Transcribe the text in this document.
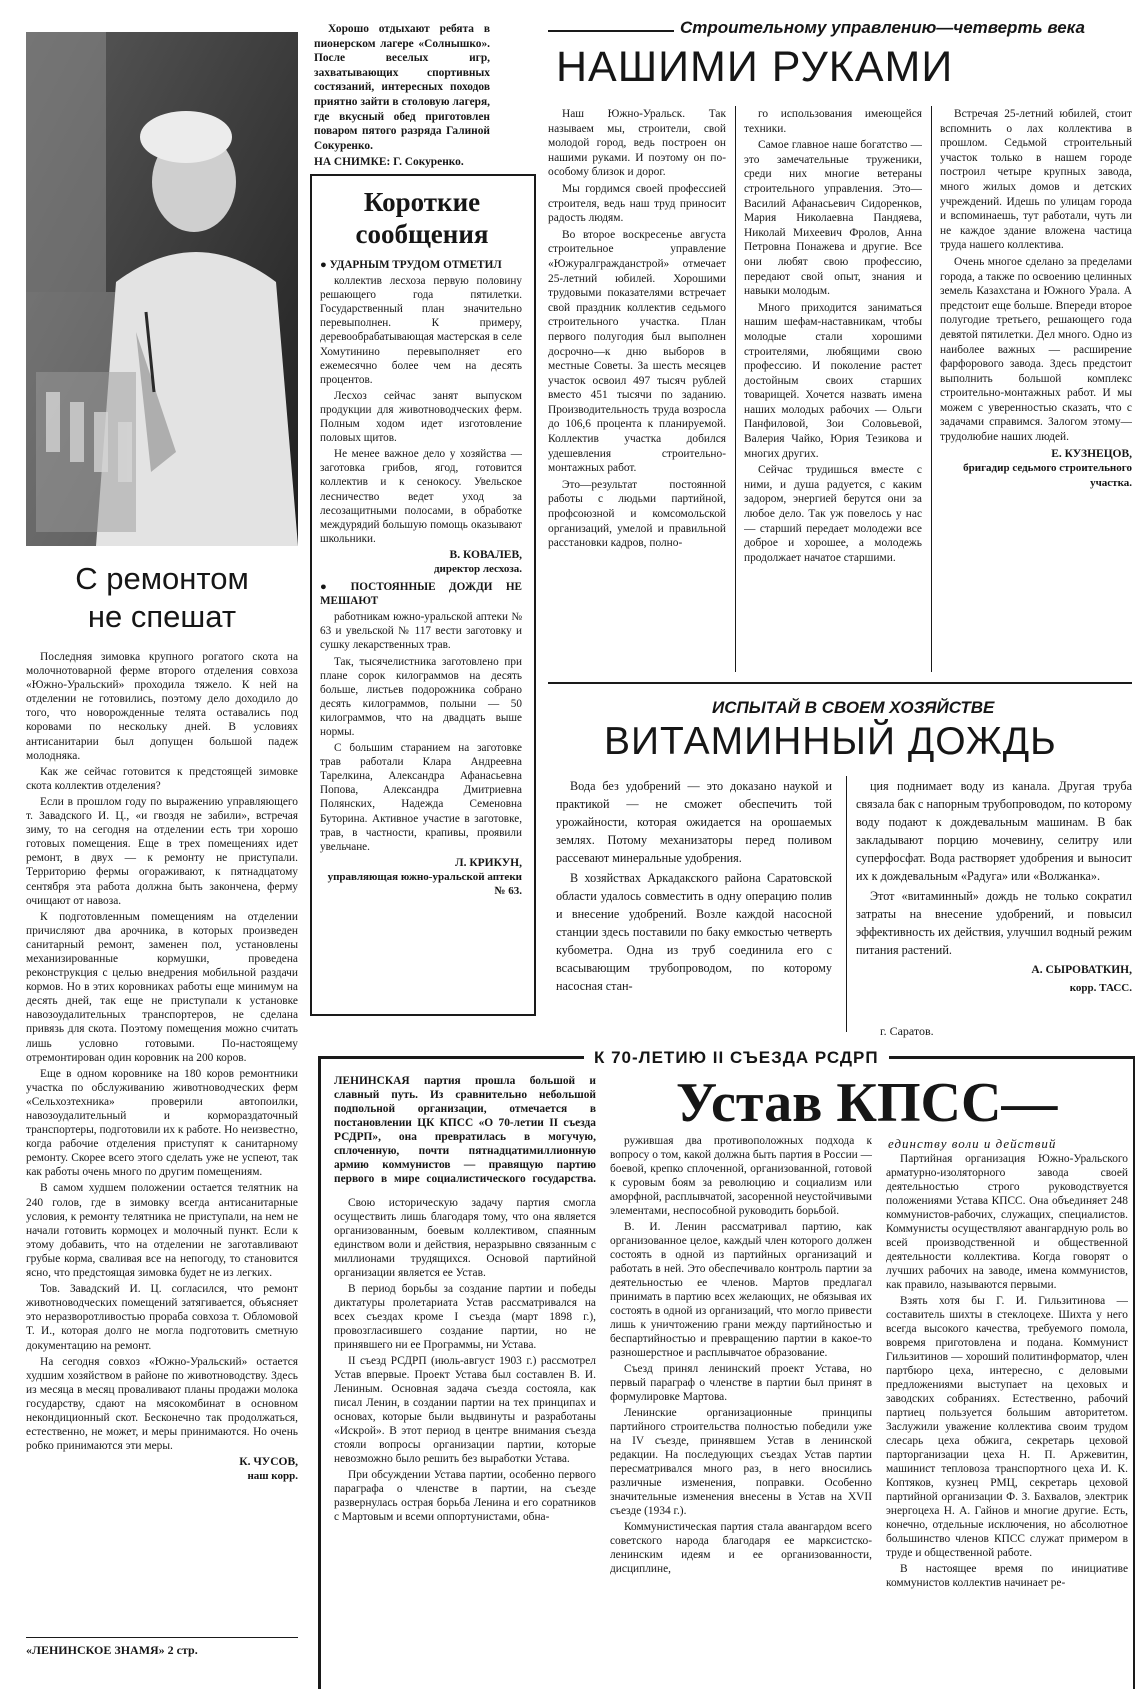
Хорошо отдыхают ребята в пионерском лагере «Солнышко». После веселых игр, захватывающих спортивных состязаний, интересных походов приятно зайти в столовую лагеря, где вкусный обед приготовлен поваром пятого разряда Галиной Сокуренко.

НА СНИМКЕ: Г. Сокуренко.

С ремонтом не спешат

Последняя зимовка крупного рогатого скота на молочнотоварной ферме второго отделения совхоза «Южно-Уральский» проходила тяжело. К ней на отделении не готовились, поэтому дело доходило до того, что новорожденные телята оставались под коровами по нескольку дней. В условиях антисанитарии был допущен большой падеж молодняка.

Как же сейчас готовится к предстоящей зимовке скота коллектив отделения?

Если в прошлом году по выражению управляющего т. Завадского И. Ц., «и гвоздя не забили», встречая зиму, то на сегодня на отделении есть три хорошо готовых помещения. Еще в трех помещениях идет ремонт, в двух — к ремонту не приступали. Территорию фермы огораживают, к пятнадцатому сентября эта работа должна быть закончена, ферму очищают от навоза.

К подготовленным помещениям на отделении причисляют два арочника, в которых произведен санитарный ремонт, заменен пол, установлены механизированные кормушки, проведена реконструкция с целью внедрения мобильной раздачи кормов. Но в этих коровниках работы еще минимум на десять дней, так еще не приступали к установке навозоудалительных транспортеров, не сделана привязь для скота. Поэтому помещения можно считать лишь условно готовыми. По-настоящему отремонтирован один коровник на 200 коров.

Еще в одном коровнике на 180 коров ремонтники участка по обслуживанию животноводческих ферм «Сельхозтехника» проверили автопоилки, навозоудалительный и кормораздаточный транспортеры, подготовили их к работе. Но неизвестно, когда рабочие отделения приступят к санитарному ремонту. Скорее всего этого сделать уже не успеют, так как работы очень много по другим помещениям.

В самом худшем положении остается телятник на 240 голов, где в зимовку всегда антисанитарные условия, к ремонту телятника не приступали, на нем не начали готовить кормоцех и молочный пункт. Если к этому добавить, что на отделении не заготавливают грубые корма, сваливая все на непогоду, то становится ясно, что предстоящая зимовка будет не из легких.

Тов. Завадский И. Ц. согласился, что ремонт животноводческих помещений затягивается, объясняет это неразворотливостью прораба совхоза т. Обломовой Т. И., которая долго не могла подготовить сметную документацию на ремонт.

На сегодня совхоз «Южно-Уральский» остается худшим хозяйством в районе по животноводству. Здесь из месяца в месяц проваливают планы продажи молока государству, сдают на мясокомбинат в основном некондиционный скот. Бесконечно так продолжаться, естественно, не может, и меры принимаются. Но очень робко принимаются эти меры.

К. ЧУСОВ,
наш корр.
«ЛЕНИНСКОЕ ЗНАМЯ» 2 стр.
Короткие
сообщения

● УДАРНЫМ ТРУДОМ ОТМЕТИЛ

коллектив лесхоза первую половину решающего года пятилетки. Государственный план значительно перевыполнен. К примеру, деревообрабатывающая мастерская в селе Хомутинино перевыполняет его ежемесячно более чем на десять процентов.

Лесхоз сейчас занят выпуском продукции для животноводческих ферм. Полным ходом идет изготовление половых щитов.

Не менее важное дело у хозяйства —заготовка грибов, ягод, готовится коллектив и к сенокосу. Увельское лесничество ведет уход за лесозащитными полосами, в обработке междурядий большую помощь оказывают школьники.

В. КОВАЛЕВ,
директор лесхоза.

● ПОСТОЯННЫЕ ДОЖДИ НЕ МЕШАЮТ

работникам южно-уральской аптеки № 63 и увельской № 117 вести заготовку и сушку лекарственных трав.

Так, тысячелистника заготовлено при плане сорок килограммов на десять больше, листьев подорожника собрано десять килограммов, полыни — 50 килограммов, что на двадцать выше нормы.

С большим старанием на заготовке трав работали Клара Андреевна Тарелкина, Александра Афанасьевна Попова, Александра Дмитриевна Полянских, Надежда Семеновна Буторина. Активное участие в заготовке, трав, в частности, крапивы, проявили увельчане.

Л. КРИКУН,
управляющая южно-уральской аптеки № 63.
Строительному управлению—четверть века
НАШИМИ РУКАМИ

Наш Южно-Уральск. Так называем мы, строители, свой молодой город, ведь построен он нашими руками. И поэтому он по-особому близок и дорог.

Мы гордимся своей профессией строителя, ведь наш труд приносит радость людям.

Во второе воскресенье августа строительное управление «Южуралгражданстрой» отмечает 25-летний юбилей. Хорошими трудовыми показателями встречает свой праздник коллектив седьмого строительного участка. План первого полугодия был выполнен досрочно—к дню выборов в местные Советы. За шесть месяцев участок освоил 497 тысяч рублей вместо 451 тысячи по заданию. Производительность труда возросла до 106,6 процента к планируемой. Коллектив участка добился удешевления строительно-монтажных работ.

Это—результат постоянной работы с людьми партийной, профсоюзной и комсомольской организаций, умелой и правильной расстановки кадров, полно-

го использования имеющейся техники.

Самое главное наше богатство — это замечательные труженики, среди них многие ветераны строительного управления. Это—Василий Афанасьевич Сидоренков, Мария Николаевна Пандяева, Николай Михеевич Фролов, Анна Петровна Понажева и другие. Все они любят свою профессию, передают свой опыт, знания и навыки молодым.

Много приходится заниматься нашим шефам-наставникам, чтобы молодые стали хорошими строителями, любящими свою профессию. И поколение растет достойным своих старших товарищей. Хочется назвать имена наших молодых рабочих — Ольги Панфиловой, Зои Соловьевой, Валерия Чайко, Юрия Тезикова и многих других.

Сейчас трудишься вместе с ними, и душа радуется, с каким задором, энергией берутся они за любое дело. Так уж повелось у нас — старший передает молодежи все доброе и хорошее, а молодежь продолжает начатое старшими.

Встречая 25-летний юбилей, стоит вспомнить о лах коллектива в прошлом. Седьмой строительный участок только в нашем городе построил четыре крупных завода, много жилых домов и детских учреждений. Идешь по улицам города и вспоминаешь, тут работали, чуть ли не каждое здание вложена частица труда нашего коллектива.

Очень многое сделано за пределами города, а также по освоению целинных земель Казахстана и Южного Урала. А предстоит еще больше. Впереди второе полугодие третьего, решающего года девятой пятилетки. Дел много. Одно из наиболее важных — расширение фарфорового завода. Здесь предстоит выполнить большой комплекс строительно-монтажных работ. И мы можем с уверенностью сказать, что с задачами справимся. Залогом этому—трудолюбие наших людей.

Е. КУЗНЕЦОВ,
бригадир седьмого строительного участка.
ИСПЫТАЙ В СВОЕМ ХОЗЯЙСТВЕ
ВИТАМИННЫЙ ДОЖДЬ

Вода без удобрений — это доказано наукой и практикой — не сможет обеспечить той урожайности, которая ожидается на орошаемых землях. Потому механизаторы перед поливом рассевают минеральные удобрения.

В хозяйствах Аркадакского района Саратовской области удалось совместить в одну операцию полив и внесение удобрений. Возле каждой насосной станции здесь поставили по баку емкостью четверть кубометра. Одна из труб соединила его с всасывающим трубопроводом, по которому насосная стан-

ция поднимает воду из канала. Другая труба связала бак с напорным трубопроводом, по которому воду подают к дождевальным машинам. В бак закладывают порцию мочевину, селитру или суперфосфат. Вода растворяет удобрения и выносит их к дождевальным «Радуга» или «Волжанка».

Этот «витаминный» дождь не только сократил затраты на внесение удобрений, и повысил эффективность их действия, улучшил водный режим питания растений.

А. СЫРОВАТКИН,
корр. ТАСС.
г. Саратов.
К 70-ЛЕТИЮ II СЪЕЗДА РСДРП
Устав КПСС—
единству воли и действий

ЛЕНИНСКАЯ партия прошла большой и славный путь. Из сравнительно небольшой подпольной организации, отмечается в постановлении ЦК КПСС «О 70-летии II съезда РСДРП», она превратилась в могучую, сплоченную, почти пятнадцатимиллионную армию коммунистов — правящую партию первого в мире социалистического государства.

Свою историческую задачу партия смогла осуществить лишь благодаря тому, что она является организованным, боевым коллективом, спаянным единством воли и действия, неразрывно связанным с миллионами трудящихся. Основой партийной организации является ее Устав.

В период борьбы за создание партии и победы диктатуры пролетариата Устав рассматривался на всех съездах кроме I съезда (март 1898 г.), провозгласившего создание партии, но не принявшего ни ее Программы, ни Устава.

II съезд РСДРП (июль-август 1903 г.) рассмотрел Устав впервые. Проект Устава был составлен В. И. Лениным. Основная задача съезда состояла, как писал Ленин, в создании партии на тех принципах и основах, которые были выдвинуты и разработаны «Искрой». В этот период в центре внимания съезда стояли вопросы организации партии, которые невозможно было решить без выработки Устава.

При обсуждении Устава партии, особенно первого параграфа о членстве в партии, на съезде развернулась острая борьба Ленина и его соратников с Мартовым и всеми оппортунистами, обна-

ружившая два противоположных подхода к вопросу о том, какой должна быть партия в России — боевой, крепко сплоченной, организованной, готовой к суровым боям за революцию и социализм или аморфной, расплывчатой, засоренной неустойчивыми элементами, неспособной руководить борьбой.

В. И. Ленин рассматривал партию, как организованное целое, каждый член которого должен состоять в одной из партийных организаций и работать в ней. Это обеспечивало контроль партии за деятельностью ее членов. Мартов предлагал принимать в партию всех желающих, не обязывая их состоять в одной из организаций, что могло привести лишь к уничтожению грани между партийностью и беспартийностью и превращению партии в какое-то разношерстное и расплывчатое образование.

Съезд принял ленинский проект Устава, но первый параграф о членстве в партии был принят в формулировке Мартова.

Ленинские организационные принципы партийного строительства полностью победили уже на IV съезде, принявшем Устав в ленинской редакции. На последующих съездах Устав партии пересматривался много раз, в него вносились различные изменения, поправки. Особенно значительные изменения внесены в Устав на XVII съезде (1934 г.).

Коммунистическая партия стала авангардом всего советского народа благодаря ее марксистско-ленинским идеям и ее организованности, дисциплине,

Партийная организация Южно-Уральского арматурно-изоляторного завода своей деятельностью строго руководствуется положениями Устава КПСС. Она объединяет 248 коммунистов-рабочих, служащих, специалистов. Коммунисты осуществляют авангардную роль во всей производственной и общественной деятельности коллектива. Когда говорят о лучших рабочих на заводе, имена коммунистов, как правило, называются первыми.

Взять хотя бы Г. И. Гильзитинова — составитель шихты в стеклоцехе. Шихта у него всегда высокого качества, требуемого помола, вовремя приготовлена и подана. Коммунист Гильзитинов — хороший политинформатор, член партбюро цеха, интересно, с деловыми предложениями выступает на цеховых и заводских собраниях. Естественно, рабочий партиец пользуется большим авторитетом. Заслужили уважение коллектива своим трудом слесарь цеха обжига, секретарь цеховой парторганизации цеха Н. П. Аржевитин, машинист тепловоза транспортного цеха И. К. Коптяков, кузнец РМЦ, секретарь цеховой партийной организации Ф. З. Бахвалов, электрик энергоцеха Н. А. Гайнов и многие другие. Есть, конечно, отдельные исключения, но абсолютное большинство членов КПСС служат примером в труде и общественной работе.

В настоящее время по инициативе коммунистов коллектив начинает ре-
